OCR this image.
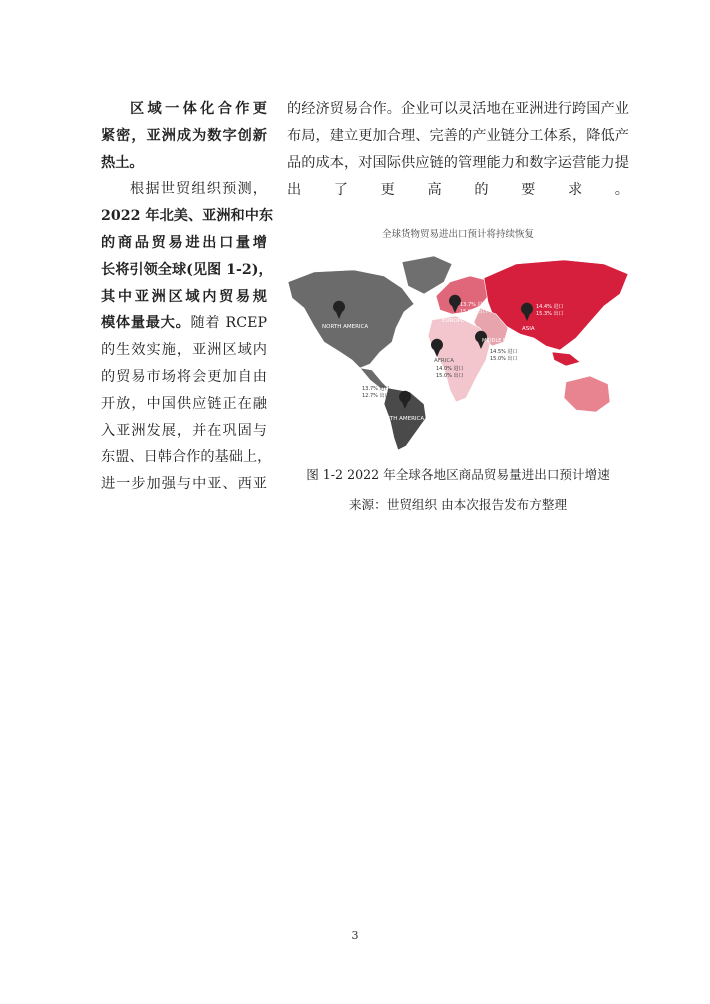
区域一体化合作更
紧密，亚洲成为数字创新
热土。

根据世贸组织预测，
2022 年北美、亚洲和中东
的商品贸易进出口量增
长将引领全球(见图 1-2)，
其中亚洲区域内贸易规
模体量最大。随着 RCEP
的生效实施，亚洲区域内
的贸易市场将会更加自由
开放，中国供应链正在融
入亚洲发展，并在巩固与
东盟、日韩合作的基础上，
进一步加强与中亚、西亚

的经济贸易合作。企业可以灵活地在亚洲进行跨国产业
布局，建立更加合理、完善的产业链分工体系，降低产
品的成本，对国际供应链的管理能力和数字运营能力提
出了更高的要求。

全球货物贸易进出口预计将持续恢复
NORTH AMERICA
SOUTH AMERICA
EUROPE
ASIA
MIDDLE EAST
AFRICA
13.7% 进口
12.7% 出口
13.7% 进口
15.9% 出口
14.4% 进口
15.3% 出口
14.5% 进口
15.0% 出口
14.0% 进口
15.0% 出口
图 1-2 2022 年全球各地区商品贸易量进出口预计增速
来源：世贸组织 由本次报告发布方整理
3
